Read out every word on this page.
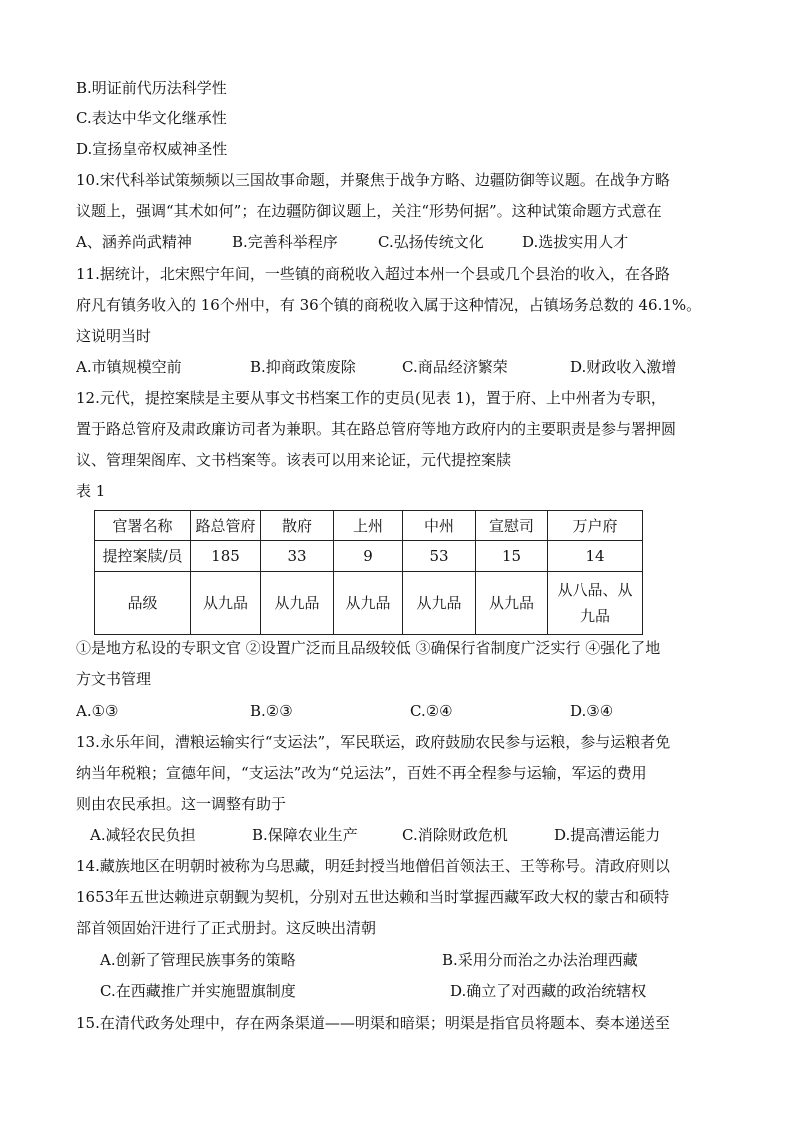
B.明证前代历法科学性
C.表达中华文化继承性
D.宣扬皇帝权威神圣性
10.宋代科举试策频频以三国故事命题，并聚焦于战争方略、边疆防御等议题。在战争方略
议题上，强调“其术如何”；在边疆防御议题上，关注“形势何据”。这种试策命题方式意在
A、涵养尚武精神	B.完善科举程序	C.弘扬传统文化	D.选拔实用人才
11.据统计，北宋熙宁年间，一些镇的商税收入超过本州一个县或几个县治的收入，在各路
府凡有镇务收入的 16个州中，有 36个镇的商税收入属于这种情况，占镇场务总数的 46.1%。
这说明当时
A.市镇规模空前	B.抑商政策废除	C.商品经济繁荣	D.财政收入激增
12.元代，提控案牍是主要从事文书档案工作的吏员(见表 1)，置于府、上中州者为专职，
置于路总管府及肃政廉访司者为兼职。其在路总管府等地方政府内的主要职责是参与署押圆
议、管理架阁库、文书档案等。该表可以用来论证，元代提控案牍
表 1
官署名称	路总管府	散府	上州	中州	宣慰司	万户府
提控案牍/员	185	33	9	53	15	14
品级	从九品	从九品	从九品	从九品	从九品	从八品、从九品
①是地方私设的专职文官 ②设置广泛而且品级较低 ③确保行省制度广泛实行 ④强化了地
方文书管理
A.①③	B.②③	C.②④	D.③④
13.永乐年间，漕粮运输实行“支运法”，军民联运，政府鼓励农民参与运粮，参与运粮者免
纳当年税粮；宣德年间，“支运法”改为“兑运法”，百姓不再全程参与运输，军运的费用
则由农民承担。这一调整有助于
A.减轻农民负担	B.保障农业生产	C.消除财政危机	D.提高漕运能力
14.藏族地区在明朝时被称为乌思藏，明廷封授当地僧侣首领法王、王等称号。清政府则以
1653年五世达赖进京朝觐为契机，分别对五世达赖和当时掌握西藏军政大权的蒙古和硕特
部首领固始汗进行了正式册封。这反映出清朝
A.创新了管理民族事务的策略	B.采用分而治之办法治理西藏
C.在西藏推广并实施盟旗制度	D.确立了对西藏的政治统辖权
15.在清代政务处理中，存在两条渠道——明渠和暗渠；明渠是指官员将题本、奏本递送至
